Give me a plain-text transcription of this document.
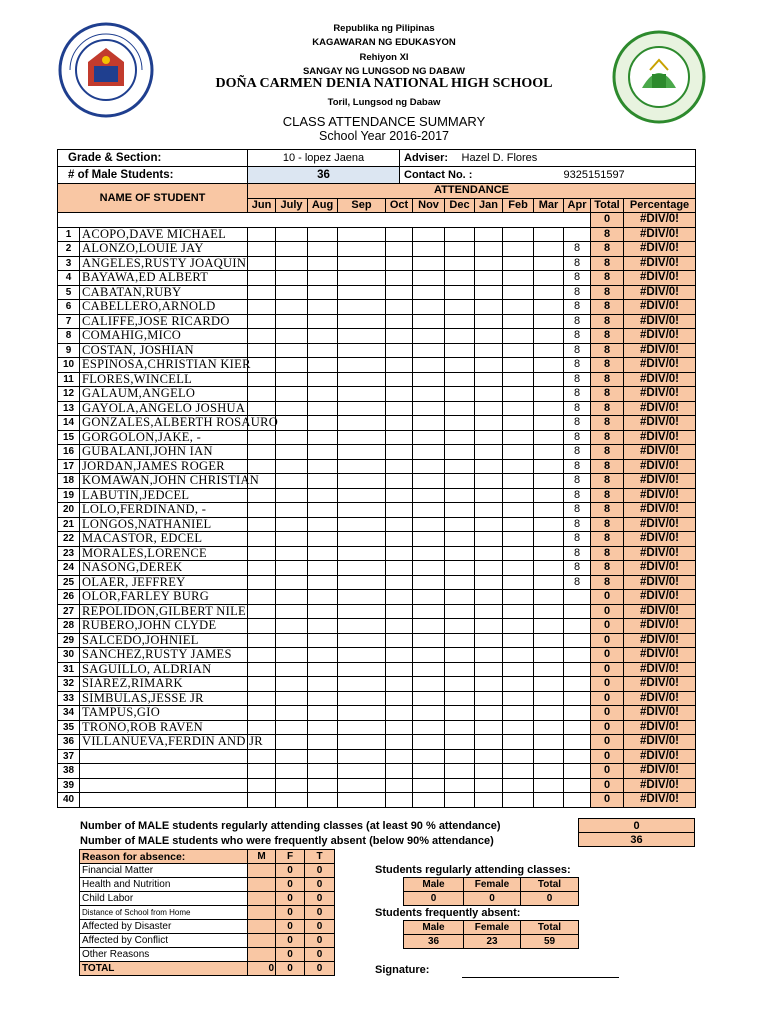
Republika ng Pilipinas
KAGAWARAN NG EDUKASYON
Rehiyon XI
SANGAY NG LUNGSOD NG DABAW
DOÑA CARMEN DENIA NATIONAL HIGH SCHOOL
Toril, Lungsod ng Dabaw
CLASS ATTENDANCE SUMMARY
School Year 2016-2017
Grade & Section:	10 - lopez Jaena	Adviser:	Hazel D. Flores
# of Male Students:	36	Contact No. :	9325151597
NAME OF STUDENT		ATTENDANCE												
		Jun	July	Aug	Sep	Oct	Nov	Dec	Jan	Feb	Mar	Apr	Total	Percentage
													0	#DIV/0!
1	ACOPO,DAVE MICHAEL												8	#DIV/0!
2	ALONZO,LOUIE JAY											8	8	#DIV/0!
3	ANGELES,RUSTY JOAQUIN											8	8	#DIV/0!
4	BAYAWA,ED ALBERT											8	8	#DIV/0!
5	CABATAN,RUBY											8	8	#DIV/0!
6	CABELLERO,ARNOLD											8	8	#DIV/0!
7	CALIFFE,JOSE RICARDO											8	8	#DIV/0!
8	COMAHIG,MICO											8	8	#DIV/0!
9	COSTAN, JOSHIAN											8	8	#DIV/0!
10	ESPINOSA,CHRISTIAN KIER											8	8	#DIV/0!
11	FLORES,WINCELL											8	8	#DIV/0!
12	GALAUM,ANGELO											8	8	#DIV/0!
13	GAYOLA,ANGELO JOSHUA											8	8	#DIV/0!
14	GONZALES,ALBERTH ROSAURO											8	8	#DIV/0!
15	GORGOLON,JAKE, -											8	8	#DIV/0!
16	GUBALANI,JOHN IAN											8	8	#DIV/0!
17	JORDAN,JAMES ROGER											8	8	#DIV/0!
18	KOMAWAN,JOHN CHRISTIAN											8	8	#DIV/0!
19	LABUTIN,JEDCEL											8	8	#DIV/0!
20	LOLO,FERDINAND, -											8	8	#DIV/0!
21	LONGOS,NATHANIEL											8	8	#DIV/0!
22	MACASTOR, EDCEL											8	8	#DIV/0!
23	MORALES,LORENCE											8	8	#DIV/0!
24	NASONG,DEREK											8	8	#DIV/0!
25	OLAER, JEFFREY											8	8	#DIV/0!
26	OLOR,FARLEY BURG												0	#DIV/0!
27	REPOLIDON,GILBERT NILE												0	#DIV/0!
28	RUBERO,JOHN CLYDE												0	#DIV/0!
29	SALCEDO,JOHNIEL												0	#DIV/0!
30	SANCHEZ,RUSTY JAMES												0	#DIV/0!
31	SAGUILLO, ALDRIAN												0	#DIV/0!
32	SIAREZ,RIMARK												0	#DIV/0!
33	SIMBULAS,JESSE JR												0	#DIV/0!
34	TAMPUS,GIO												0	#DIV/0!
35	TRONO,ROB RAVEN												0	#DIV/0!
36	VILLANUEVA,FERDIN AND JR												0	#DIV/0!
37													0	#DIV/0!
38													0	#DIV/0!
39													0	#DIV/0!
40													0	#DIV/0!
Number of MALE students regularly attending classes (at least 90 % attendance)
Number of MALE students who were frequently absent (below 90% attendance)
0
36
Reason for absence:	M	F	T
Financial Matter		0	0
Health and Nutrition		0	0
Child Labor		0	0
Distance of School from Home		0	0
Affected by Disaster		0	0
Affected by Conflict		0	0
Other Reasons		0	0
TOTAL	0	0	0
Students regularly attending classes:
Male	Female	Total
0	0	0
Students frequently absent:
Male	Female	Total
36	23	59
Signature:
